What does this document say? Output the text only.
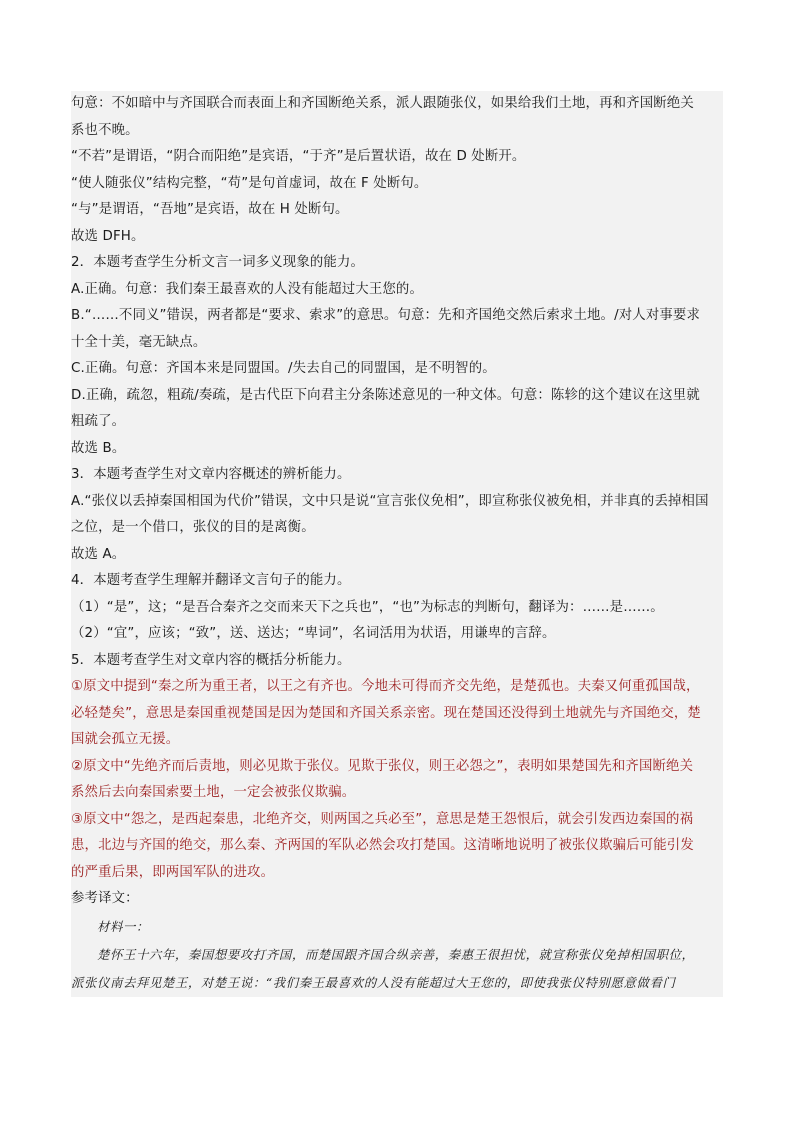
句意：不如暗中与齐国联合而表面上和齐国断绝关系，派人跟随张仪，如果给我们土地，再和齐国断绝关
系也不晚。
“不若”是谓语，“阴合而阳绝”是宾语，“于齐”是后置状语，故在 D 处断开。
“使人随张仪”结构完整，“苟”是句首虚词，故在 F 处断句。
“与”是谓语，“吾地”是宾语，故在 H 处断句。
故选 DFH。
2．本题考查学生分析文言一词多义现象的能力。
A.正确。句意：我们秦王最喜欢的人没有能超过大王您的。
B.“……不同义”错误，两者都是“要求、索求”的意思。句意：先和齐国绝交然后索求土地。/对人对事要求
十全十美，毫无缺点。
C.正确。句意：齐国本来是同盟国。/失去自己的同盟国，是不明智的。
D.正确，疏忽，粗疏/奏疏，是古代臣下向君主分条陈述意见的一种文体。句意：陈轸的这个建议在这里就
粗疏了。
故选 B。
3．本题考查学生对文章内容概述的辨析能力。
A.“张仪以丢掉秦国相国为代价”错误，文中只是说“宣言张仪免相”，即宣称张仪被免相，并非真的丢掉相国
之位，是一个借口，张仪的目的是离衡。
故选 A。
4．本题考查学生理解并翻译文言句子的能力。
（1）“是”，这；“是吾合秦齐之交而来天下之兵也”，“也”为标志的判断句，翻译为：……是……。
（2）“宜”，应该；“致”，送、送达；“卑词”，名词活用为状语，用谦卑的言辞。
5．本题考查学生对文章内容的概括分析能力。
①原文中提到“秦之所为重王者，以王之有齐也。今地未可得而齐交先绝，是楚孤也。夫秦又何重孤国哉，
必轻楚矣”，意思是秦国重视楚国是因为楚国和齐国关系亲密。现在楚国还没得到土地就先与齐国绝交，楚
国就会孤立无援。
②原文中“先绝齐而后责地，则必见欺于张仪。见欺于张仪，则王必怨之”，表明如果楚国先和齐国断绝关
系然后去向秦国索要土地，一定会被张仪欺骗。
③原文中“怨之，是西起秦患，北绝齐交，则两国之兵必至”，意思是楚王怨恨后，就会引发西边秦国的祸
患，北边与齐国的绝交，那么秦、齐两国的军队必然会攻打楚国。这清晰地说明了被张仪欺骗后可能引发
的严重后果，即两国军队的进攻。
参考译文：
　　材料一：
　　楚怀王十六年，秦国想要攻打齐国，而楚国跟齐国合纵亲善，秦惠王很担忧，就宣称张仪免掉相国职位，
派张仪南去拜见楚王，对楚王说：“我们秦王最喜欢的人没有能超过大王您的，即使我张仪特别愿意做看门
